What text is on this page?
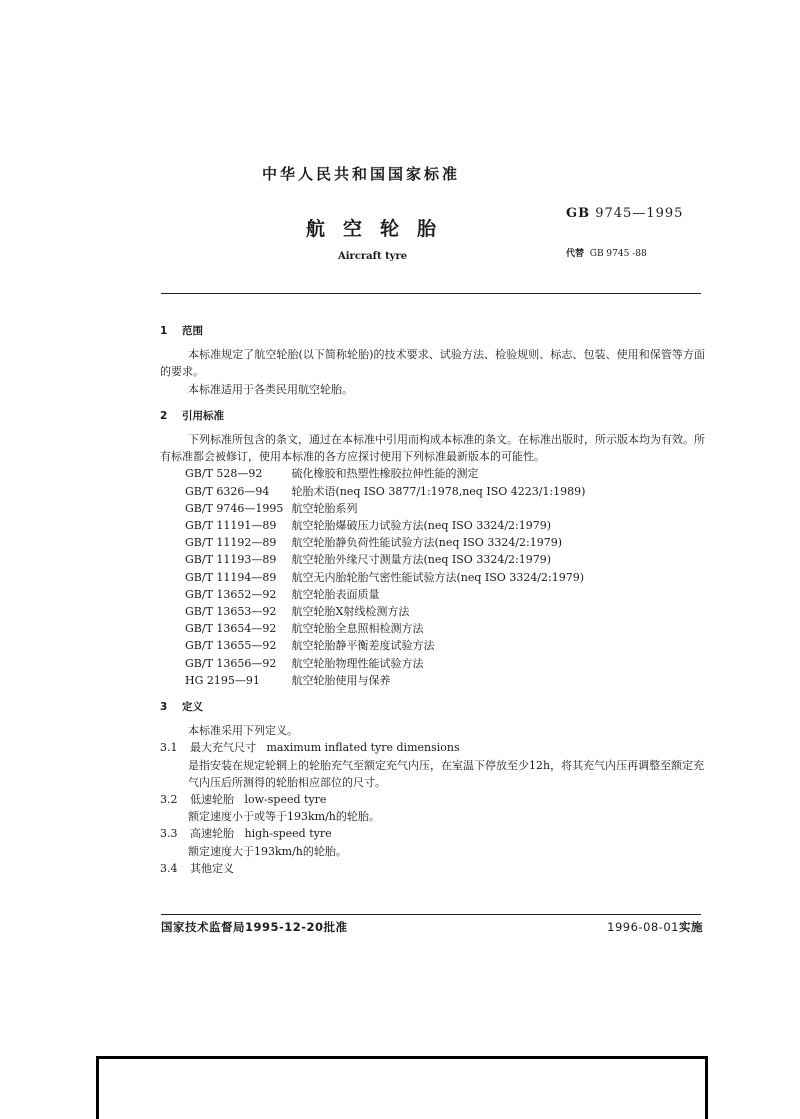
中华人民共和国国家标准
航空轮胎
GB 9745—1995
Aircraft tyre	代替 GB 9745 -88
1 范围
本标准规定了航空轮胎(以下简称轮胎)的技术要求、试验方法、检验规则、标志、包装、使用和保管等方面的要求。
本标准适用于各类民用航空轮胎。
2 引用标准
下列标准所包含的条文，通过在本标准中引用而构成本标准的条文。在标准出版时，所示版本均为有效。所有标准都会被修订，使用本标准的各方应探讨使用下列标准最新版本的可能性。
GB/T 528—92	硫化橡胶和热塑性橡胶拉伸性能的测定
GB/T 6326—94 轮胎术语(neq ISO 3877/1:1978,neq ISO 4223/1:1989)
GB/T 9746—1995 航空轮胎系列
GB/T 11191—89 航空轮胎爆破压力试验方法(neq ISO 3324/2:1979)
GB/T 11192—89 航空轮胎静负荷性能试验方法(neq ISO 3324/2:1979)
GB/T 11193—89 航空轮胎外缘尺寸测量方法(neq ISO 3324/2:1979)
GB/T 11194—89 航空无内胎轮胎气密性能试验方法(neq ISO 3324/2:1979)
GB/T 13652—92 航空轮胎表面质量
GB/T 13653—92 航空轮胎X射线检测方法
GB/T 13654—92 航空轮胎全息照相检测方法
GB/T 13655—92 航空轮胎静平衡差度试验方法
GB/T 13656—92 航空轮胎物理性能试验方法
HG 2195—91	航空轮胎使用与保养
3 定义
本标准采用下列定义。
3.1 最大充气尺寸 maximum inflated tyre dimensions
是指安装在规定轮辋上的轮胎充气至额定充气内压，在室温下停放至少12h，将其充气内压再调整至额定充气内压后所测得的轮胎相应部位的尺寸。
3.2 低速轮胎 low-speed tyre
额定速度小于或等于193km/h的轮胎。
3.3 高速轮胎 high-speed tyre
额定速度大于193km/h的轮胎。
3.4 其他定义
国家技术监督局1995-12-20批准	1996-08-01实施
